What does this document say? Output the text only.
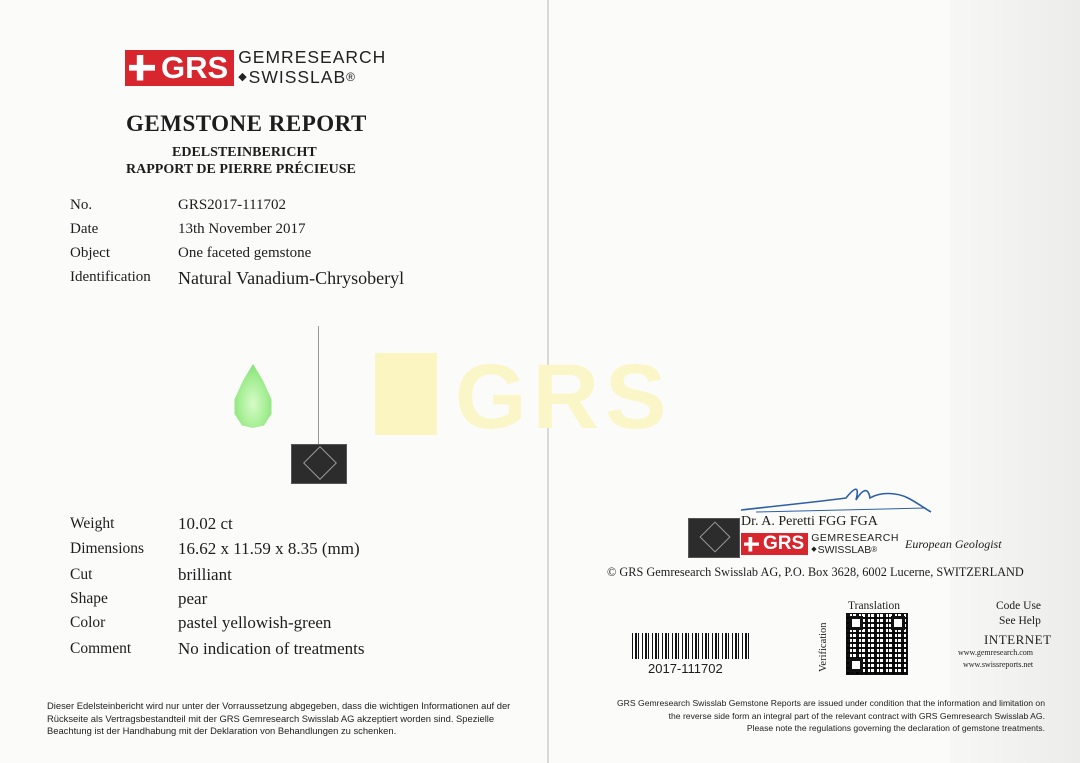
GRS
GRS GEMRESEARCH
◆ SWISSLAB ®
GEMSTONE REPORT
EDELSTEINBERICHT
RAPPORT DE PIERRE PRÉCIEUSE
No.	GRS2017-111702
Date	13th November 2017
Object	One faceted gemstone
Identification Natural Vanadium-Chrysoberyl
Weight	10.02 ct
Dimensions 16.62 x 11.59 x 8.35 (mm)
Cut	brilliant
Shape	pear
Color	pastel yellowish-green
Comment	No indication of treatments
Dieser Edelsteinbericht wird nur unter der Vorraussetzung abgegeben, dass die wichtigen Informationen auf der
Rückseite als Vertragsbestandteil mit der GRS Gemresearch Swisslab AG akzeptiert worden sind. Spezielle
Beachtung ist der Handhabung mit der Deklaration von Behandlungen zu schenken.
Dr. A. Peretti FGG FGA
GRS GEMRESEARCH
◆ SWISSLAB ® European Geologist
© GRS Gemresearch Swisslab AG, P.O. Box 3628, 6002 Lucerne, SWITZERLAND
Translation
Verification
2017-111702
Code Use
See Help
INTERNET
www.gemresearch.com
www.swissreports.net
GRS Gemresearch Swisslab Gemstone Reports are issued under condition that the information and limitation on
the reverse side form an integral part of the relevant contract with GRS Gemresearch Swisslab AG.
Please note the regulations governing the declaration of gemstone treatments.
